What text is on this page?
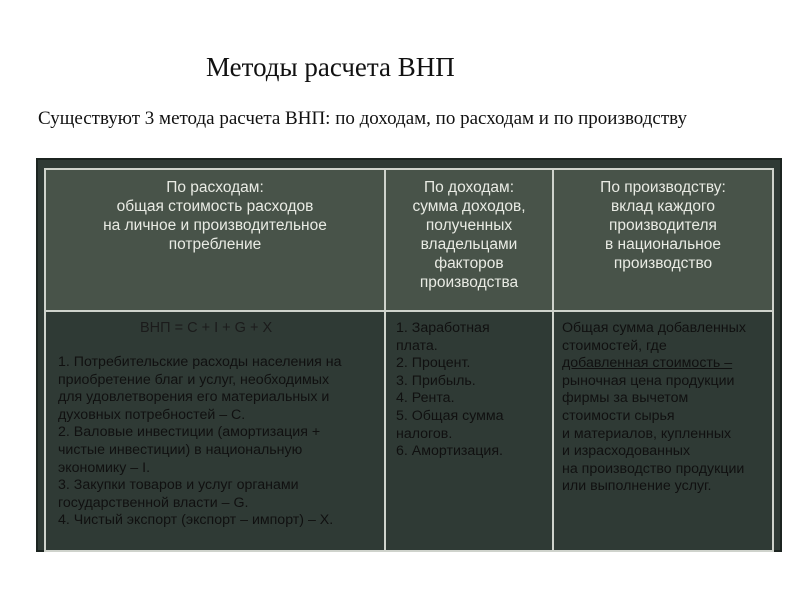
Методы расчета ВНП
Существуют 3 метода расчета ВНП: по доходам, по расходам и по производству
По расходам:
общая стоимость расходов
на личное и производительное
потребление
По доходам:
сумма доходов,
полученных
владельцами
факторов
производства
По производству:
вклад каждого
производителя
в национальное
производство
ВНП = C + I + G + X
1. Потребительские расходы населения на
приобретение благ и услуг, необходимых
для удовлетворения его материальных и
духовных потребностей – С.
2. Валовые инвестиции (амортизация +
чистые инвестиции) в национальную
экономику – I.
3. Закупки товаров и услуг органами
государственной власти – G.
4. Чистый экспорт (экспорт – импорт) – X.
1. Заработная
плата.
2. Процент.
3. Прибыль.
4. Рента.
5. Общая сумма
налогов.
6. Амортизация.
Общая сумма добавленных
стоимостей, где
добавленная стоимость –
рыночная цена продукции
фирмы за вычетом
стоимости сырья
и материалов, купленных
и израсходованных
на производство продукции
или выполнение услуг.
